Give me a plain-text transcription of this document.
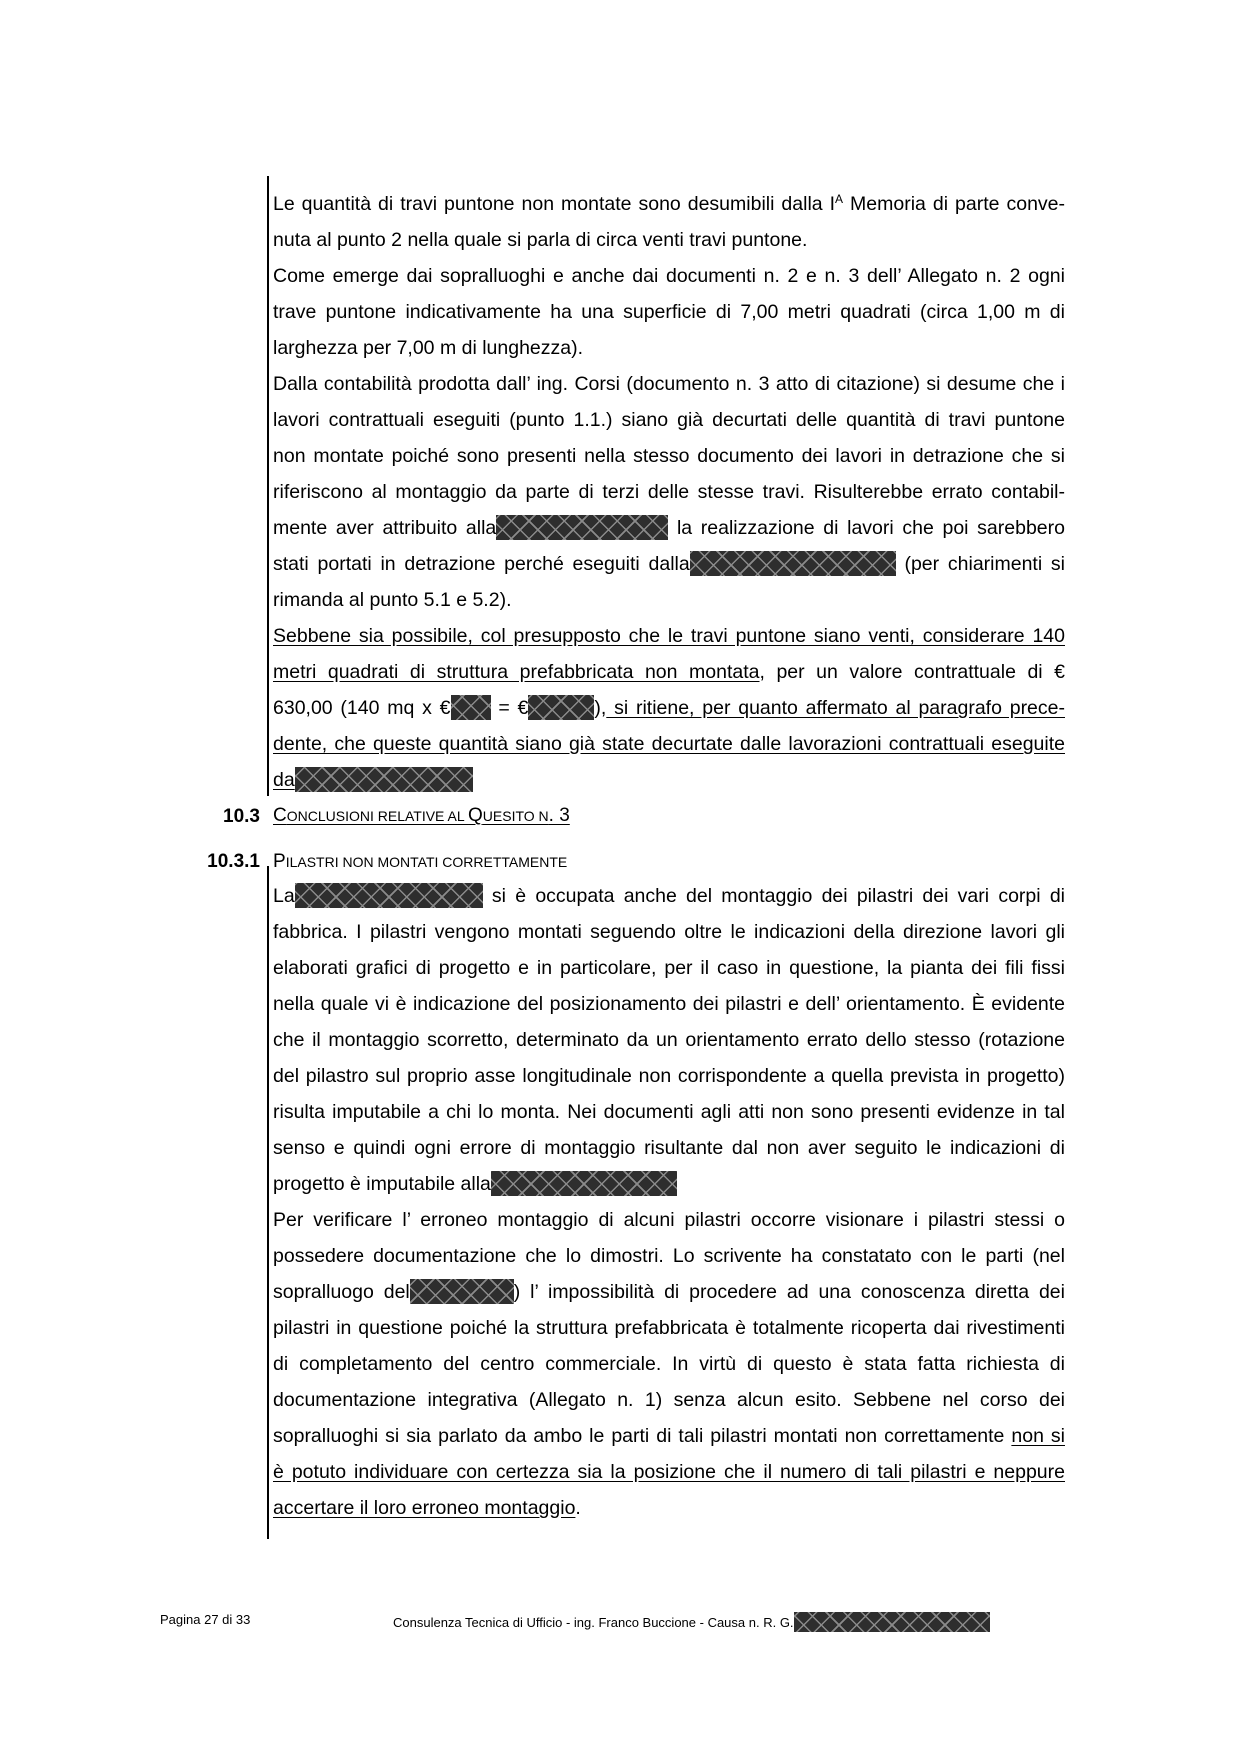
Le quantità di travi puntone non montate sono desumibili dalla $I^A$ Memoria di parte conve-
nuta al punto 2 nella quale si parla di circa venti travi puntone.
Come emerge dai sopralluoghi e anche dai documenti n. 2 e n. 3 dell’ Allegato n. 2 ogni
trave puntone indicativamente ha una superficie di 7,00 metri quadrati (circa 1,00 m di
larghezza per 7,00 m di lunghezza).
Dalla contabilità prodotta dall’ ing. Corsi (documento n. 3 atto di citazione) si desume che i
lavori contrattuali eseguiti (punto 1.1.) siano già decurtati delle quantità di travi puntone
non montate poiché sono presenti nella stesso documento dei lavori in detrazione che si
riferiscono al montaggio da parte di terzi delle stesse travi. Risulterebbe errato contabil-
mente aver attribuito alla	la realizzazione di lavori che poi sarebbero
stati portati in detrazione perché eseguiti dalla	(per chiarimenti si
rimanda al punto 5.1 e 5.2).
Sebbene sia possibile, col presupposto che le travi puntone siano venti, considerare 140
metri quadrati di struttura prefabbricata non montata, per un valore contrattuale di €
630,00 (140 mq x € = €	), si ritiene, per quanto affermato al paragrafo prece-
dente, che queste quantità siano già state decurtate dalle lavorazioni contrattuali eseguite
da
10.3 CONCLUSIONI RELATIVE AL QUESITO N. 3
10.3.1 PILASTRI NON MONTATI CORRETTAMENTE
La	si è occupata anche del montaggio dei pilastri dei vari corpi di
fabbrica. I pilastri vengono montati seguendo oltre le indicazioni della direzione lavori gli
elaborati grafici di progetto e in particolare, per il caso in questione, la pianta dei fili fissi
nella quale vi è indicazione del posizionamento dei pilastri e dell’ orientamento. È evidente
che il montaggio scorretto, determinato da un orientamento errato dello stesso (rotazione
del pilastro sul proprio asse longitudinale non corrispondente a quella prevista in progetto)
risulta imputabile a chi lo monta. Nei documenti agli atti non sono presenti evidenze in tal
senso e quindi ogni errore di montaggio risultante dal non aver seguito le indicazioni di
progetto è imputabile alla
Per verificare l’ erroneo montaggio di alcuni pilastri occorre visionare i pilastri stessi o
possedere documentazione che lo dimostri. Lo scrivente ha constatato con le parti (nel
sopralluogo del	) l’ impossibilità di procedere ad una conoscenza diretta dei
pilastri in questione poiché la struttura prefabbricata è totalmente ricoperta dai rivestimenti
di completamento del centro commerciale. In virtù di questo è stata fatta richiesta di
documentazione integrativa (Allegato n. 1) senza alcun esito. Sebbene nel corso dei
sopralluoghi si sia parlato da ambo le parti di tali pilastri montati non correttamente non si
è potuto individuare con certezza sia la posizione che il numero di tali pilastri e neppure
accertare il loro erroneo montaggio.
Pagina 27 di 33	Consulenza Tecnica di Ufficio - ing. Franco Buccione - Causa n. R. G.
